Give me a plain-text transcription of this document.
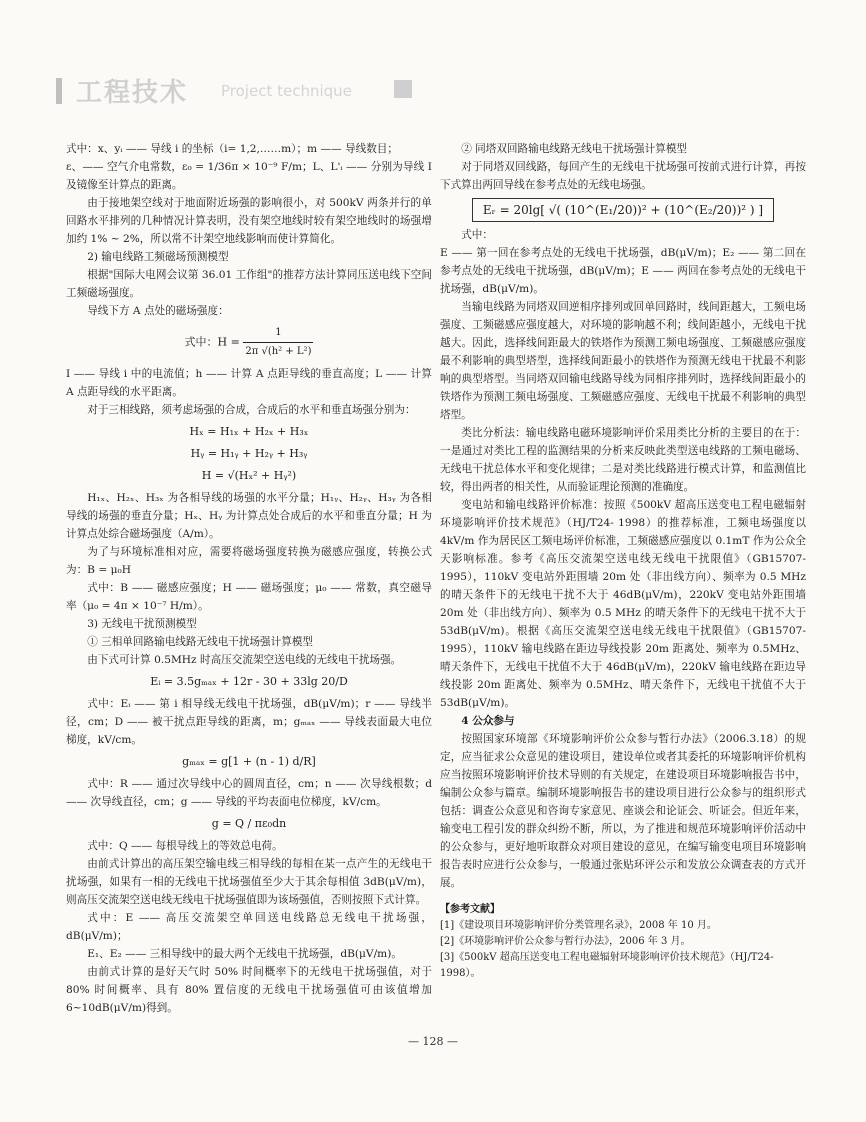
工程技术 Project technique

式中：x、yᵢ —— 导线 i 的坐标（i= 1,2,……m）；m —— 导线数目；

ε、—— 空气介电常数，ε₀ = 1/36π × 10⁻⁹ F/m；L、L'ᵢ —— 分别为导线 I 及镜像至计算点的距离。

由于接地架空线对于地面附近场强的影响很小，对 500kV 两条并行的单回路水平排列的几种情况计算表明，没有架空地线时较有架空地线时的场强增加约 1% ~ 2%，所以常不计架空地线影响而使计算简化。

2) 输电线路工频磁场预测模型

根据"国际大电网会议第 36.01 工作组"的推荐方法计算同压送电线下空间工频磁场强度。

导线下方 A 点处的磁场强度：

式中：$H = \frac{1}{\text{2π √(h² + L²)}}$

I —— 导线 i 中的电流值；h —— 计算 A 点距导线的垂直高度；L —— 计算 A 点距导线的水平距离。

对于三相线路，须考虑场强的合成，合成后的水平和垂直场强分别为：

Hₓ = H₁ₓ + H₂ₓ + H₃ₓ
Hᵧ = H₁ᵧ + H₂ᵧ + H₃ᵧ
H = √(Hₓ² + Hᵧ²)

H₁ₓ、H₂ₓ、H₃ₓ 为各相导线的场强的水平分量；H₁ᵧ、H₂ᵧ、H₃ᵧ 为各相导线的场强的垂直分量；Hₓ、Hᵧ 为计算点处合成后的水平和垂直分量；H 为计算点处综合磁场强度（A/m）。

为了与环境标准相对应，需要将磁场强度转换为磁感应强度，转换公式为：B = μ₀H

式中：B —— 磁感应强度；H —— 磁场强度；μ₀ —— 常数，真空磁导率（μ₀ = 4π × 10⁻⁷ H/m）。

3) 无线电干扰预测模型

① 三相单回路输电线路无线电干扰场强计算模型

由下式可计算 0.5MHz 时高压交流架空送电线的无线电干扰场强。

Eᵢ = 3.5gₘₐₓ + 12r - 30 + 33lg 20/D

式中：Eᵢ —— 第 i 相导线无线电干扰场强，dB(μV/m)；r —— 导线半径，cm；D —— 被干扰点距导线的距离，m；gₘₐₓ —— 导线表面最大电位梯度，kV/cm。

gₘₐₓ = g[1 + (n - 1) d/R]

式中：R —— 通过次导线中心的圆周直径，cm；n —— 次导线根数；d —— 次导线直径，cm；g —— 导线的平均表面电位梯度，kV/cm。

g = Q / πε₀dn

式中：Q —— 每根导线上的等效总电荷。

由前式计算出的高压架空输电线三相导线的每相在某一点产生的无线电干扰场强，如果有一相的无线电干扰场强值至少大于其余每相值 3dB(μV/m)，则高压交流架空送电线无线电干扰场强值即为该场强值，否则按照下式计算。

式中：E —— 高压交流架空单回送电线路总无线电干扰场强，dB(μV/m)；

E₁、E₂ —— 三相导线中的最大两个无线电干扰场强，dB(μV/m)。

由前式计算的是好天气时 50% 时间概率下的无线电干扰场强值，对于 80% 时间概率、具有 80% 置信度的无线电干扰场强值可由该值增加 6~10dB(μV/m)得到。

② 同塔双回路输电线路无线电干扰场强计算模型

对于同塔双回线路，每回产生的无线电干扰场强可按前式进行计算，再按下式算出两回导线在参考点处的无线电场强。

Eᵣ = 20lg[ √( (10^(E₁/20))² + (10^(E₂/20))² ) ]

式中：

E —— 第一回在参考点处的无线电干扰场强，dB(μV/m)；E₂ —— 第二回在参考点处的无线电干扰场强，dB(μV/m)；E —— 两回在参考点处的无线电干扰场强，dB(μV/m)。

当输电线路为同塔双回逆相序排列或回单回路时，线间距越大，工频电场强度、工频磁感应强度越大，对环境的影响越不利；线间距越小，无线电干扰越大。因此，选择线间距最大的铁塔作为预测工频电场强度、工频磁感应强度最不利影响的典型塔型，选择线间距最小的铁塔作为预测无线电干扰最不利影响的典型塔型。当同塔双回输电线路导线为同相序排列时，选择线间距最小的铁塔作为预测工频电场强度、工频磁感应强度、无线电干扰最不利影响的典型塔型。

类比分析法：输电线路电磁环境影响评价采用类比分析的主要目的在于：一是通过对类比工程的监测结果的分析来反映此类型送电线路的工频电磁场、无线电干扰总体水平和变化规律；二是对类比线路进行模式计算，和监测值比较，得出两者的相关性，从而验证理论预测的准确度。

变电站和输电线路评价标准：按照《500kV 超高压送变电工程电磁辐射环境影响评价技术规范》（HJ/T24- 1998）的推荐标准，工频电场强度以 4kV/m 作为居民区工频电场评价标准，工频磁感应强度以 0.1mT 作为公众全天影响标准。参考《高压交流架空送电线无线电干扰限值》（GB15707- 1995），110kV 变电站外距围墙 20m 处（非出线方向）、频率为 0.5 MHz 的晴天条件下的无线电干扰不大于 46dB(μV/m)，220kV 变电站外距围墙 20m 处（非出线方向）、频率为 0.5 MHz 的晴天条件下的无线电干扰不大于 53dB(μV/m)。根据《高压交流架空送电线无线电干扰限值》（GB15707- 1995），110kV 输电线路在距边导线投影 20m 距离处、频率为 0.5MHz、晴天条件下，无线电干扰值不大于 46dB(μV/m)，220kV 输电线路在距边导线投影 20m 距离处、频率为 0.5MHz、晴天条件下，无线电干扰值不大于 53dB(μV/m)。

4 公众参与

按照国家环境部《环境影响评价公众参与暂行办法》（2006.3.18）的规定，应当征求公众意见的建设项目，建设单位或者其委托的环境影响评价机构应当按照环境影响评价技术导则的有关规定，在建设项目环境影响报告书中，编制公众参与篇章。编制环境影响报告书的建设项目进行公众参与的组织形式包括：调查公众意见和咨询专家意见、座谈会和论证会、听证会。但近年来，输变电工程引发的群众纠纷不断，所以，为了推进和规范环境影响评价活动中的公众参与，更好地听取群众对项目建设的意见，在编写输变电项目环境影响报告表时应进行公众参与，一般通过张贴环评公示和发放公众调查表的方式开展。

【参考文献】
[1]《建设项目环境影响评价分类管理名录》，2008 年 10 月。
[2]《环境影响评价公众参与暂行办法》，2006 年 3 月。
[3]《500kV 超高压送变电工程电磁辐射环境影响评价技术规范》（HJ/T24- 1998）。
— 128 —
